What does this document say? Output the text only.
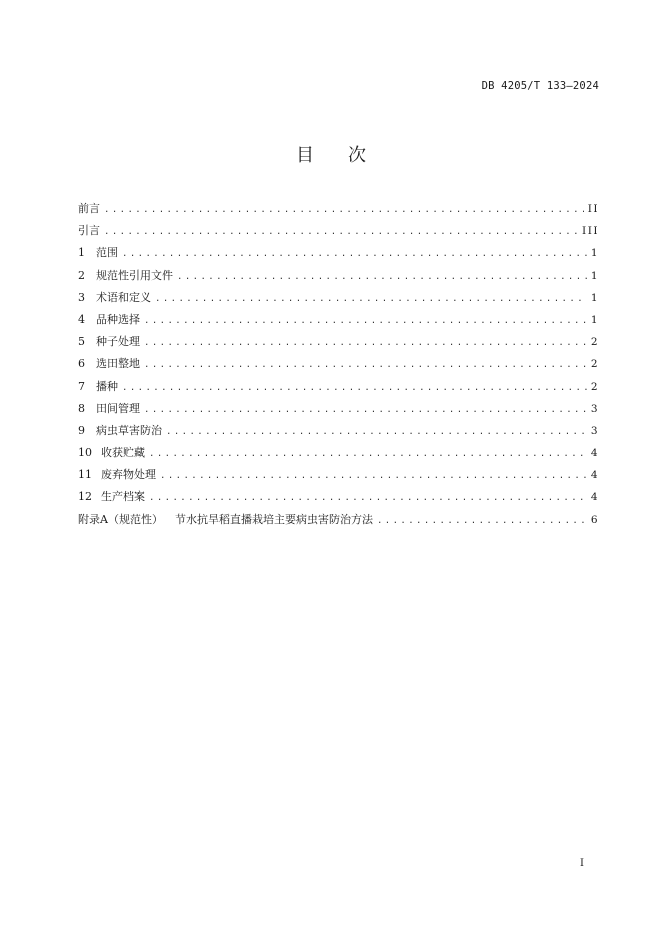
DB 4205/T 133—2024
目 次
前言 .....	II
引言 .....	III
1	范围 .....	1
2	规范性引用文件 .....	1
3	术语和定义 .....	1
4	品种选择 .....	1
5	种子处理 .....	2
6	选田整地 .....	2
7	播种 .....	2
8	田间管理 .....	3
9	病虫草害防治 .....	3
10 收获贮藏 .....	4
11 废弃物处理 .....	4
12 生产档案 .....	4
附录A（规范性） 节水抗旱稻直播栽培主要病虫害防治方法 .....	6
I
